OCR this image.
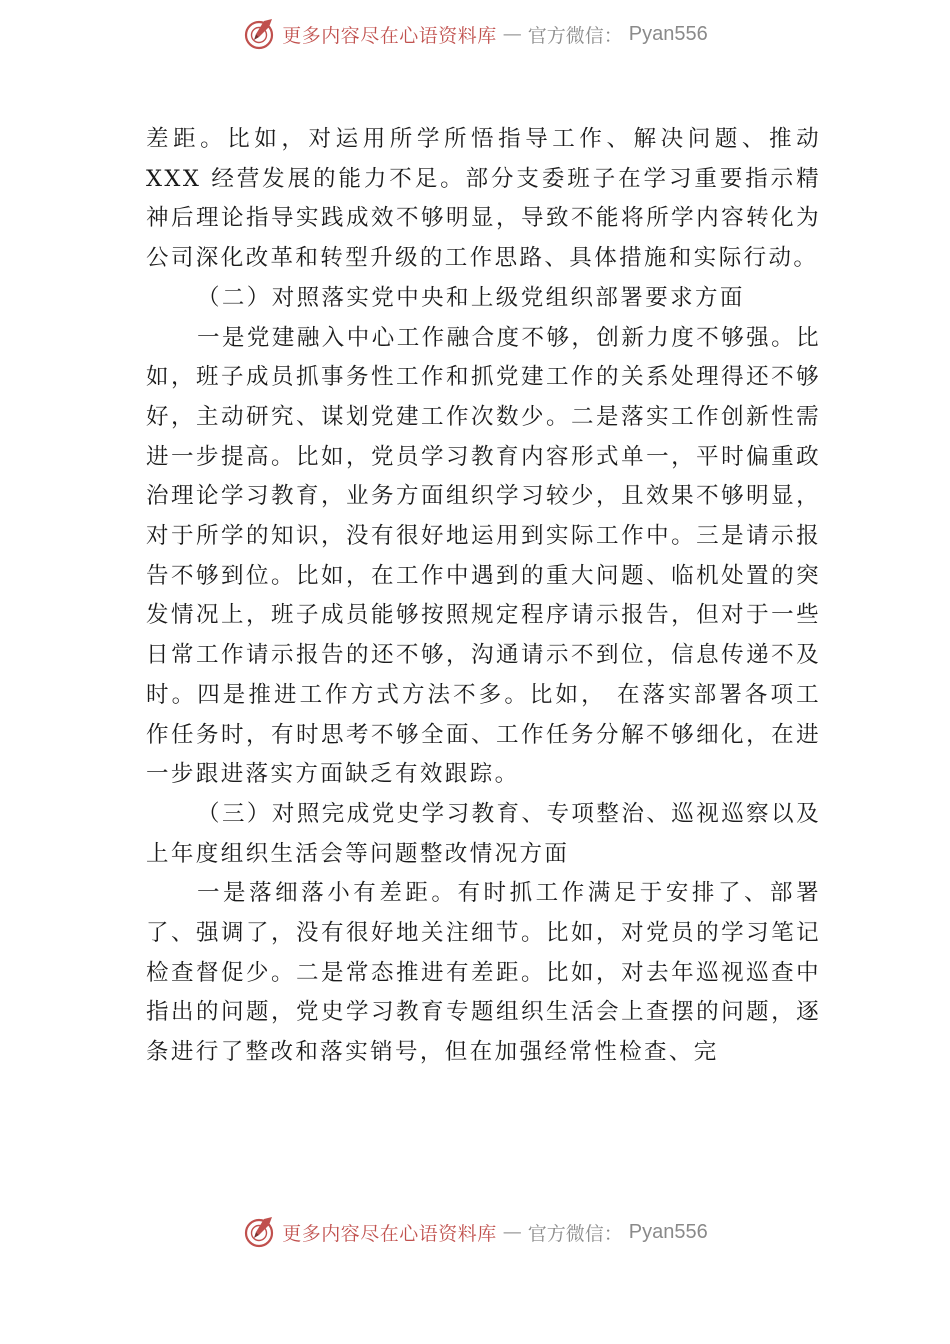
更多内容尽在心语资料库 — 官方微信： Pyan556

差距。比如，对运用所学所悟指导工作、解决问题、推动 XXX 经营发展的能力不足。部分支委班子在学习重要指示精神后理论指导实践成效不够明显，导致不能将所学内容转化为公司深化改革和转型升级的工作思路、具体措施和实际行动。

（二）对照落实党中央和上级党组织部署要求方面

一是党建融入中心工作融合度不够，创新力度不够强。比如，班子成员抓事务性工作和抓党建工作的关系处理得还不够好，主动研究、谋划党建工作次数少。二是落实工作创新性需进一步提高。比如，党员学习教育内容形式单一，平时偏重政治理论学习教育，业务方面组织学习较少，且效果不够明显，对于所学的知识，没有很好地运用到实际工作中。三是请示报告不够到位。比如，在工作中遇到的重大问题、临机处置的突发情况上，班子成员能够按照规定程序请示报告，但对于一些日常工作请示报告的还不够，沟通请示不到位，信息传递不及时。四是推进工作方式方法不多。比如， 在落实部署各项工作任务时，有时思考不够全面、工作任务分解不够细化，在进一步跟进落实方面缺乏有效跟踪。

（三）对照完成党史学习教育、专项整治、巡视巡察以及上年度组织生活会等问题整改情况方面

一是落细落小有差距。有时抓工作满足于安排了、部署了、强调了，没有很好地关注细节。比如，对党员的学习笔记检查督促少。二是常态推进有差距。比如，对去年巡视巡查中指出的问题，党史学习教育专题组织生活会上查摆的问题，逐条进行了整改和落实销号，但在加强经常性检查、完

更多内容尽在心语资料库 — 官方微信： Pyan556
